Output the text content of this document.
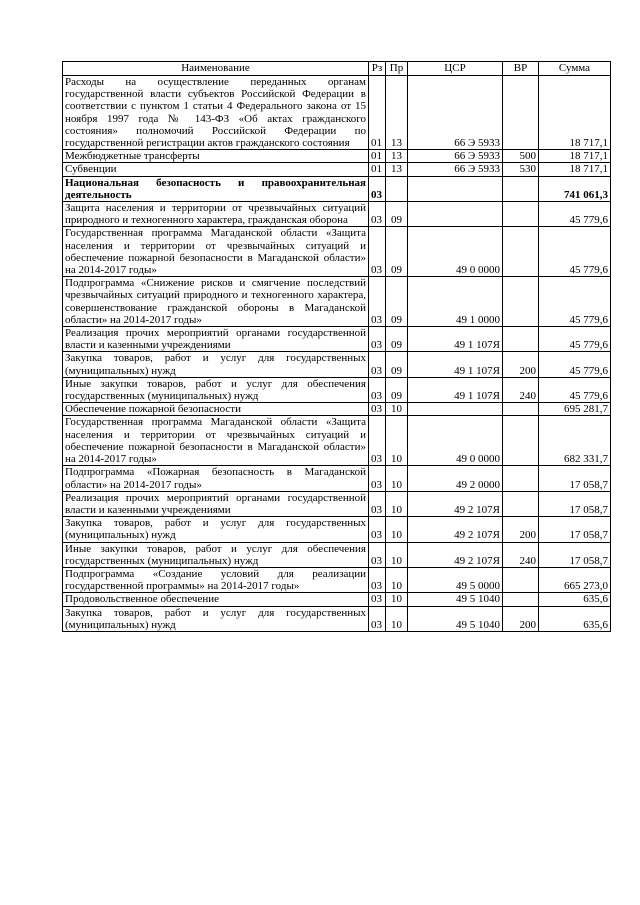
Наименование	Рз	Пр	ЦСР	ВР	Сумма
Расходы на осуществление переданных органам государственной власти субъектов Российской Федерации в соответствии с пунктом 1 статьи 4 Федерального закона от 15 ноября 1997 года № 143-ФЗ «Об актах гражданского состояния» полномочий Российской Федерации по государственной регистрации актов гражданского состояния	01	13	66 Э 5933		18 717,1
Межбюджетные трансферты	01	13	66 Э 5933	500	18 717,1
Субвенции	01	13	66 Э 5933	530	18 717,1
Национальная безопасность и правоохранительная деятельность	03				741 061,3
Защита населения и территории от чрезвычайных ситуаций природного и техногенного характера, гражданская оборона	03	09			45 779,6
Государственная программа Магаданской области «Защита населения и территории от чрезвычайных ситуаций и обеспечение пожарной безопасности в Магаданской области» на 2014-2017 годы»	03	09	49 0 0000		45 779,6
Подпрограмма «Снижение рисков и смягчение последствий чрезвычайных ситуаций природного и техногенного характера, совершенствование гражданской обороны в Магаданской области» на 2014-2017 годы»	03	09	49 1 0000		45 779,6
Реализация прочих мероприятий органами государственной власти и казенными учреждениями	03	09	49 1 107Я		45 779,6
Закупка товаров, работ и услуг для государственных (муниципальных) нужд	03	09	49 1 107Я	200	45 779,6
Иные закупки товаров, работ и услуг для обеспечения государственных (муниципальных) нужд	03	09	49 1 107Я	240	45 779,6
Обеспечение пожарной безопасности	03	10			695 281,7
Государственная программа Магаданской области «Защита населения и территории от чрезвычайных ситуаций и обеспечение пожарной безопасности в Магаданской области» на 2014-2017 годы»	03	10	49 0 0000		682 331,7
Подпрограмма «Пожарная безопасность в Магаданской области» на 2014-2017 годы»	03	10	49 2 0000		17 058,7
Реализация прочих мероприятий органами государственной власти и казенными учреждениями	03	10	49 2 107Я		17 058,7
Закупка товаров, работ и услуг для государственных (муниципальных) нужд	03	10	49 2 107Я	200	17 058,7
Иные закупки товаров, работ и услуг для обеспечения государственных (муниципальных) нужд	03	10	49 2 107Я	240	17 058,7
Подпрограмма «Создание условий для реализации государственной программы» на 2014-2017 годы»	03	10	49 5 0000		665 273,0
Продовольственное обеспечение	03	10	49 5 1040		635,6
Закупка товаров, работ и услуг для государственных (муниципальных) нужд	03	10	49 5 1040	200	635,6
